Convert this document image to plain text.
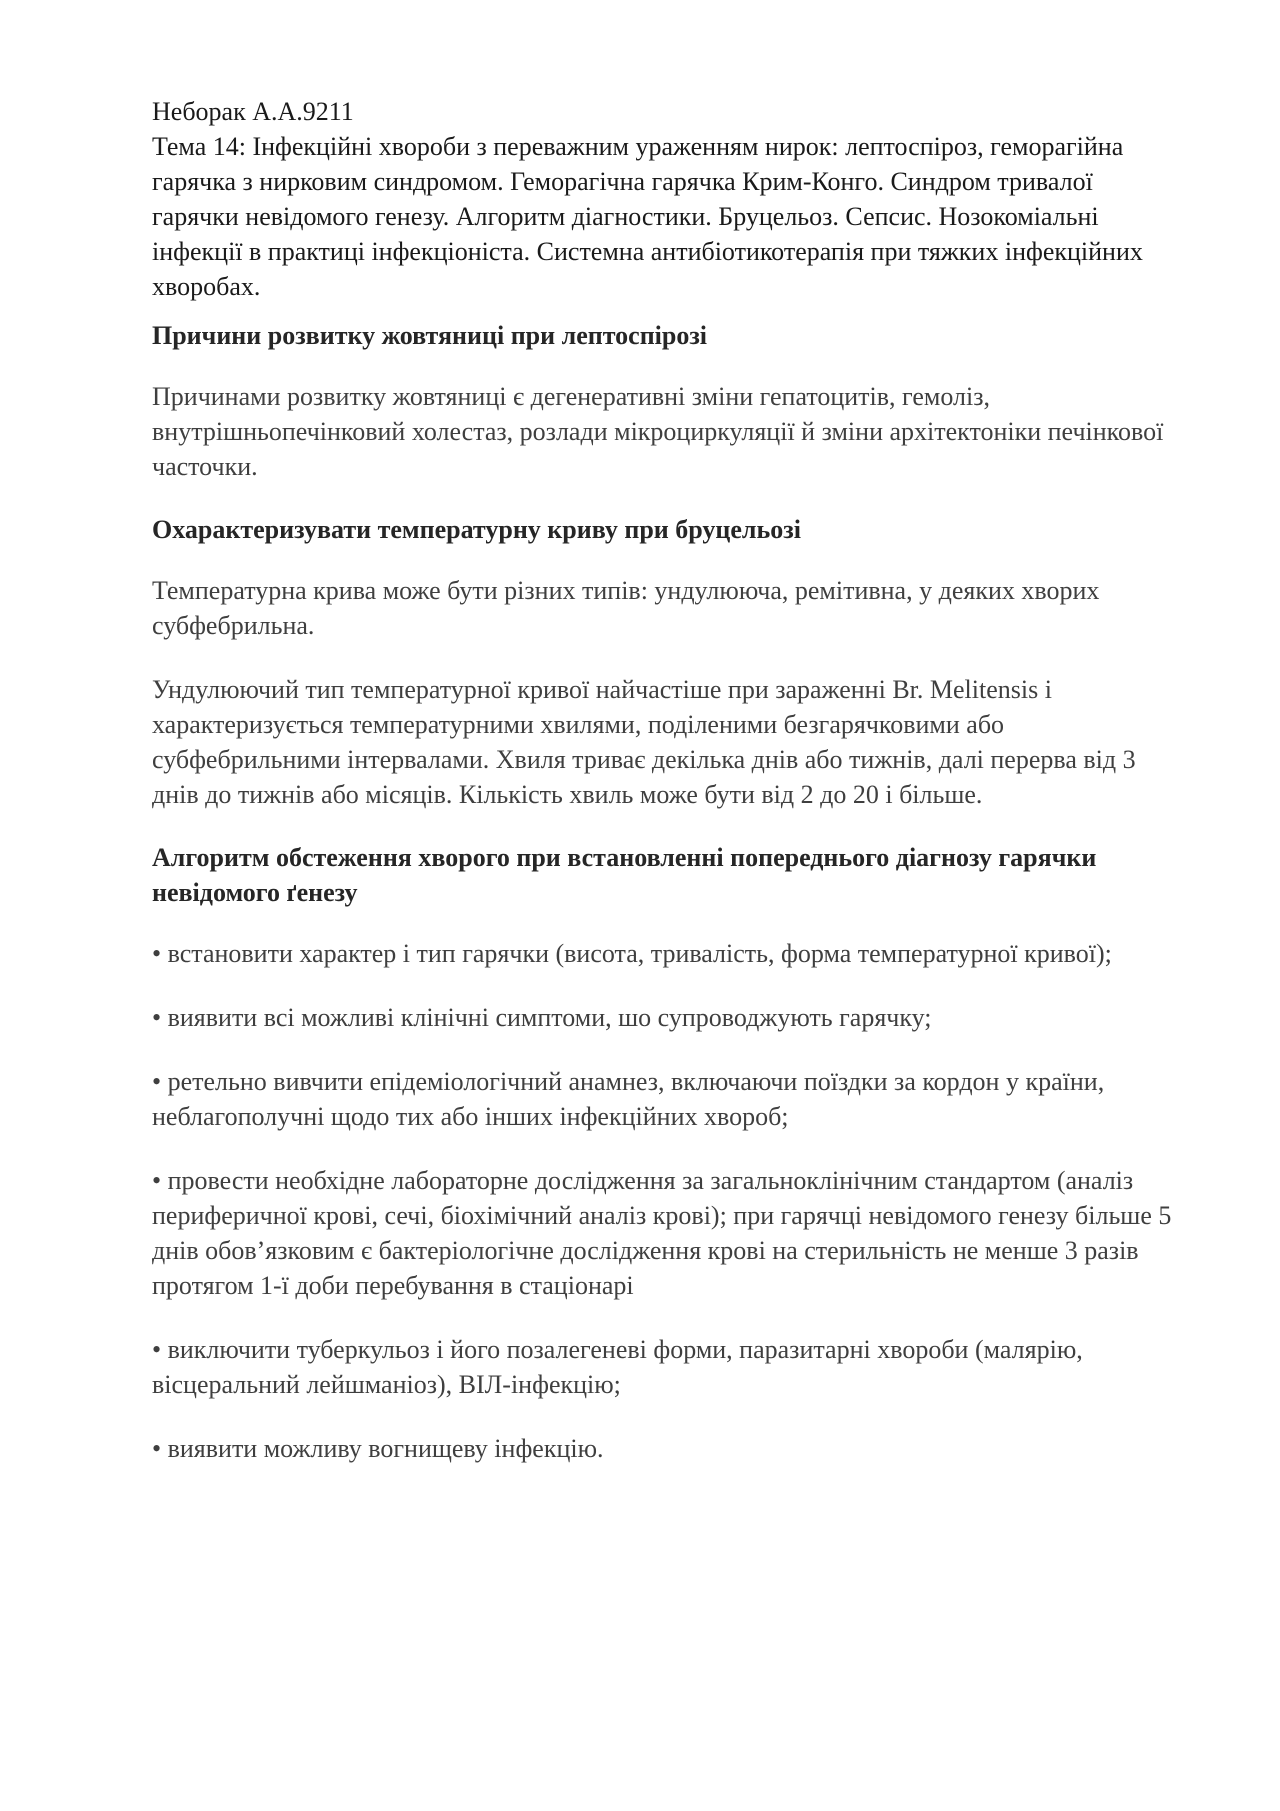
Неборак А.А.9211

Тема 14: Інфекційні хвороби з переважним ураженням нирок: лептоспіроз, геморагійна гарячка з нирковим синдромом. Геморагічна гарячка Крим-Конго. Синдром тривалої гарячки невідомого генезу. Алгоритм діагностики. Бруцельоз. Сепсис. Нозокоміальні інфекції в практиці інфекціоніста. Системна антибіотикотерапія при тяжких інфекційних хворобах.

Причини розвитку жовтяниці при лептоспірозі

Причинами розвитку жовтяниці є дегенеративні зміни гепатоцитів, гемоліз, внутрішньопечінковий холестаз, розлади мікроциркуляції й зміни архітектоніки печінкової часточки.

Охарактеризувати температурну криву при бруцельозі

Температурна крива може бути різних типів: ундулююча, ремітивна, у деяких хворих субфебрильна.

Ундулюючий тип температурної кривої найчастіше при зараженні Br. Melitensis і характеризується температурними хвилями, поділеними безгарячковими або субфебрильними інтервалами. Хвиля триває декілька днів або тижнів, далі перерва від 3 днів до тижнів або місяців. Кількість хвиль може бути від 2 до 20 і більше.

Алгоритм обстеження хворого при встановленні попереднього діагнозу гарячки невідомого ґенезу

• встановити характер і тип гарячки (висота, тривалість, форма температурної кривої);

• виявити всі можливі клінічні симптоми, шо супроводжують гарячку;

• ретельно вивчити епідеміологічний анамнез, включаючи поїздки за кордон у країни, неблагополучні щодо тих або інших інфекційних хвороб;

• провести необхідне лабораторне дослідження за загальноклінічним стандартом (аналіз периферичної крові, сечі, біохімічний аналіз крові); при гарячці невідомого генезу більше 5 днів обов’язковим є бактеріологічне дослідження крові на стерильність не менше 3 разів протягом 1-ї доби перебування в стаціонарі

• виключити туберкульоз і його позалегеневі форми, паразитарні хвороби (малярію, вісцеральний лейшманіоз), ВІЛ-інфекцію;

• виявити можливу вогнищеву інфекцію.
